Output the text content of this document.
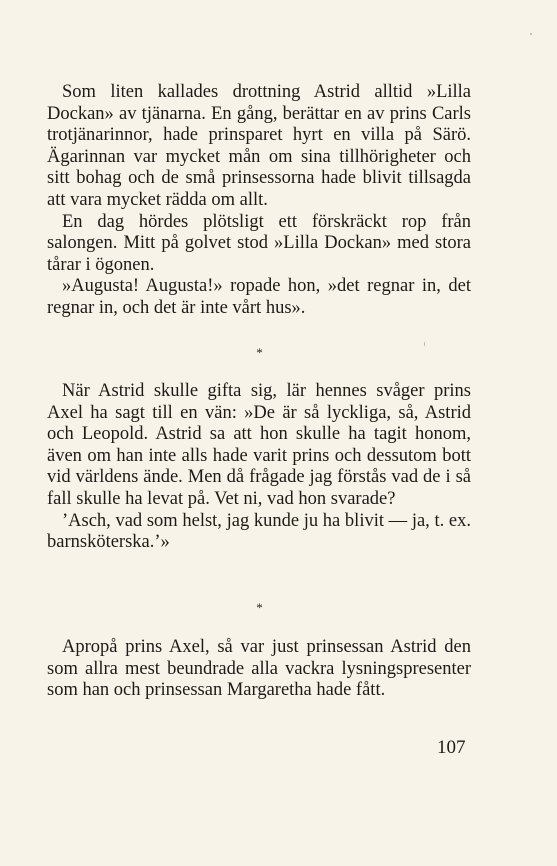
Som liten kallades drottning Astrid alltid »Lilla Dockan» av tjänarna. En gång, berättar en av prins Carls trotjänarinnor, hade prinsparet hyrt en villa på Särö. Ägarinnan var mycket mån om sina tillhörigheter och sitt bohag och de små prinsessorna hade blivit tillsagda att vara mycket rädda om allt.

En dag hördes plötsligt ett förskräckt rop från salongen. Mitt på golvet stod »Lilla Dockan» med stora tårar i ögonen.

»Augusta! Augusta!» ropade hon, »det regnar in, det regnar in, och det är inte vårt hus».

*

När Astrid skulle gifta sig, lär hennes svåger prins Axel ha sagt till en vän: »De är så lyckliga, så, Astrid och Leopold. Astrid sa att hon skulle ha tagit honom, även om han inte alls hade varit prins och dessutom bott vid världens ände. Men då frågade jag förstås vad de i så fall skulle ha levat på. Vet ni, vad hon svarade?

’Asch, vad som helst, jag kunde ju ha blivit — ja, t. ex. barnsköterska.’»

*

Apropå prins Axel, så var just prinsessan Astrid den som allra mest beundrade alla vackra lysningspresenter som han och prinsessan Margaretha hade fått.

107
